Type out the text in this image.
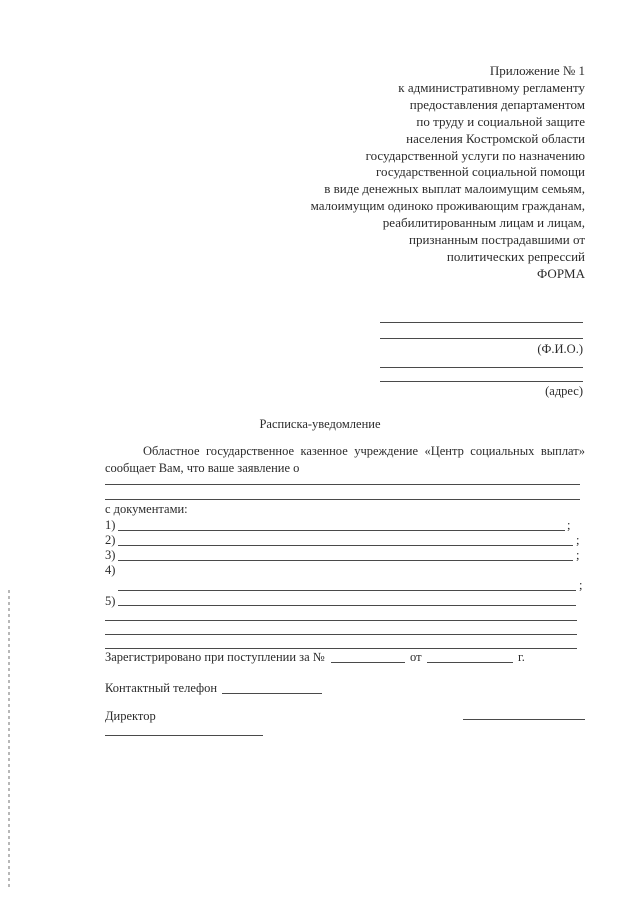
Приложение № 1
к административному регламенту
предоставления департаментом
по труду и социальной защите
населения Костромской области
государственной услуги по назначению
государственной социальной помощи
в виде денежных выплат малоимущим семьям,
малоимущим одиноко проживающим гражданам,
реабилитированным лицам и лицам,
признанным пострадавшими от
политических репрессий
ФОРМА
(Ф.И.О.)
(адрес)
Расписка-уведомление
Областное государственное казенное учреждение «Центр социальных выплат» сообщает Вам, что ваше заявление о
с документами:
1)	;
2)	;
3)	;
4)
;
5)
Зарегистрировано при поступлении за №	от	г.
Контактный телефон
Директор
